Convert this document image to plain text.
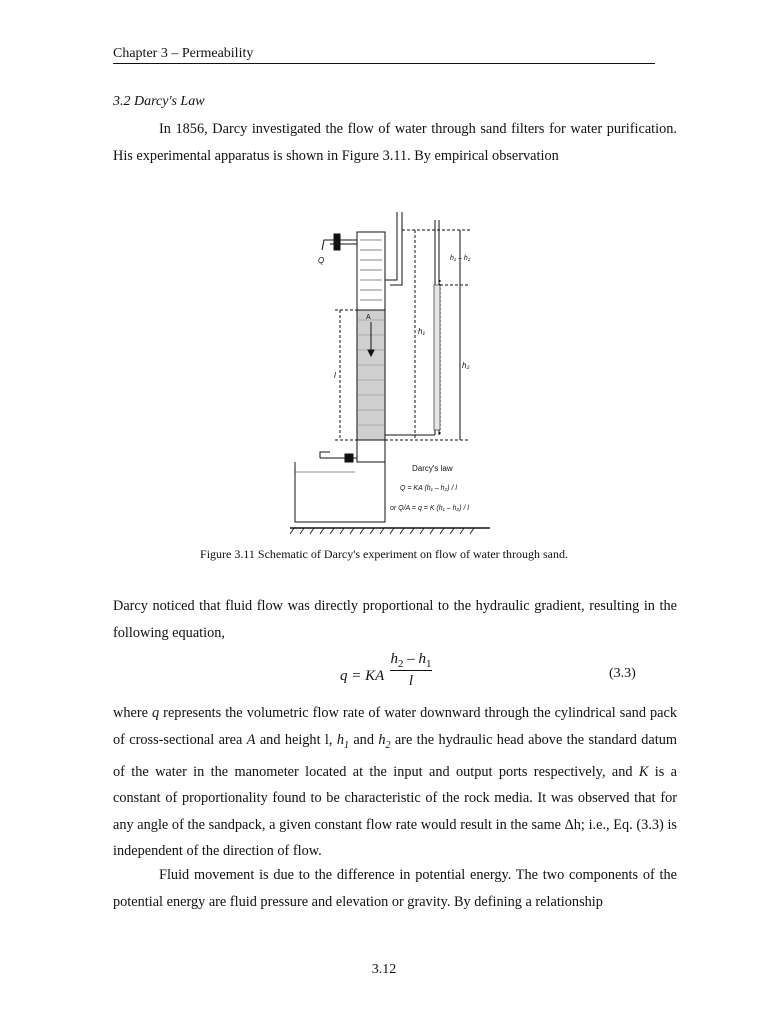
Chapter 3 – Permeability
3.2 Darcy's Law

In 1856, Darcy investigated the flow of water through sand filters for water purification. His experimental apparatus is shown in Figure 3.11. By empirical observation

Q
A
l
h₁
h₂
h₁ – h₂
Darcy's law
Q = KA (h₁ – h₂) / l
or Q/A = q = K (h₁ – h₂) / l
Figure 3.11 Schematic of Darcy's experiment on flow of water through sand.

Darcy noticed that fluid flow was directly proportional to the hydraulic gradient, resulting in the following equation,

q = KA $\frac{h_2 - h_1}{l}$	(3.3)

where q represents the volumetric flow rate of water downward through the cylindrical sand pack of cross-sectional area A and height l, $h_1$ and $h_2$ are the hydraulic head above the standard datum of the water in the manometer located at the input and output ports respectively, and K is a constant of proportionality found to be characteristic of the rock media. It was observed that for any angle of the sandpack, a given constant flow rate would result in the same Δh; i.e., Eq. (3.3) is independent of the direction of flow.

Fluid movement is due to the difference in potential energy. The two components of the potential energy are fluid pressure and elevation or gravity. By defining a relationship

3.12
